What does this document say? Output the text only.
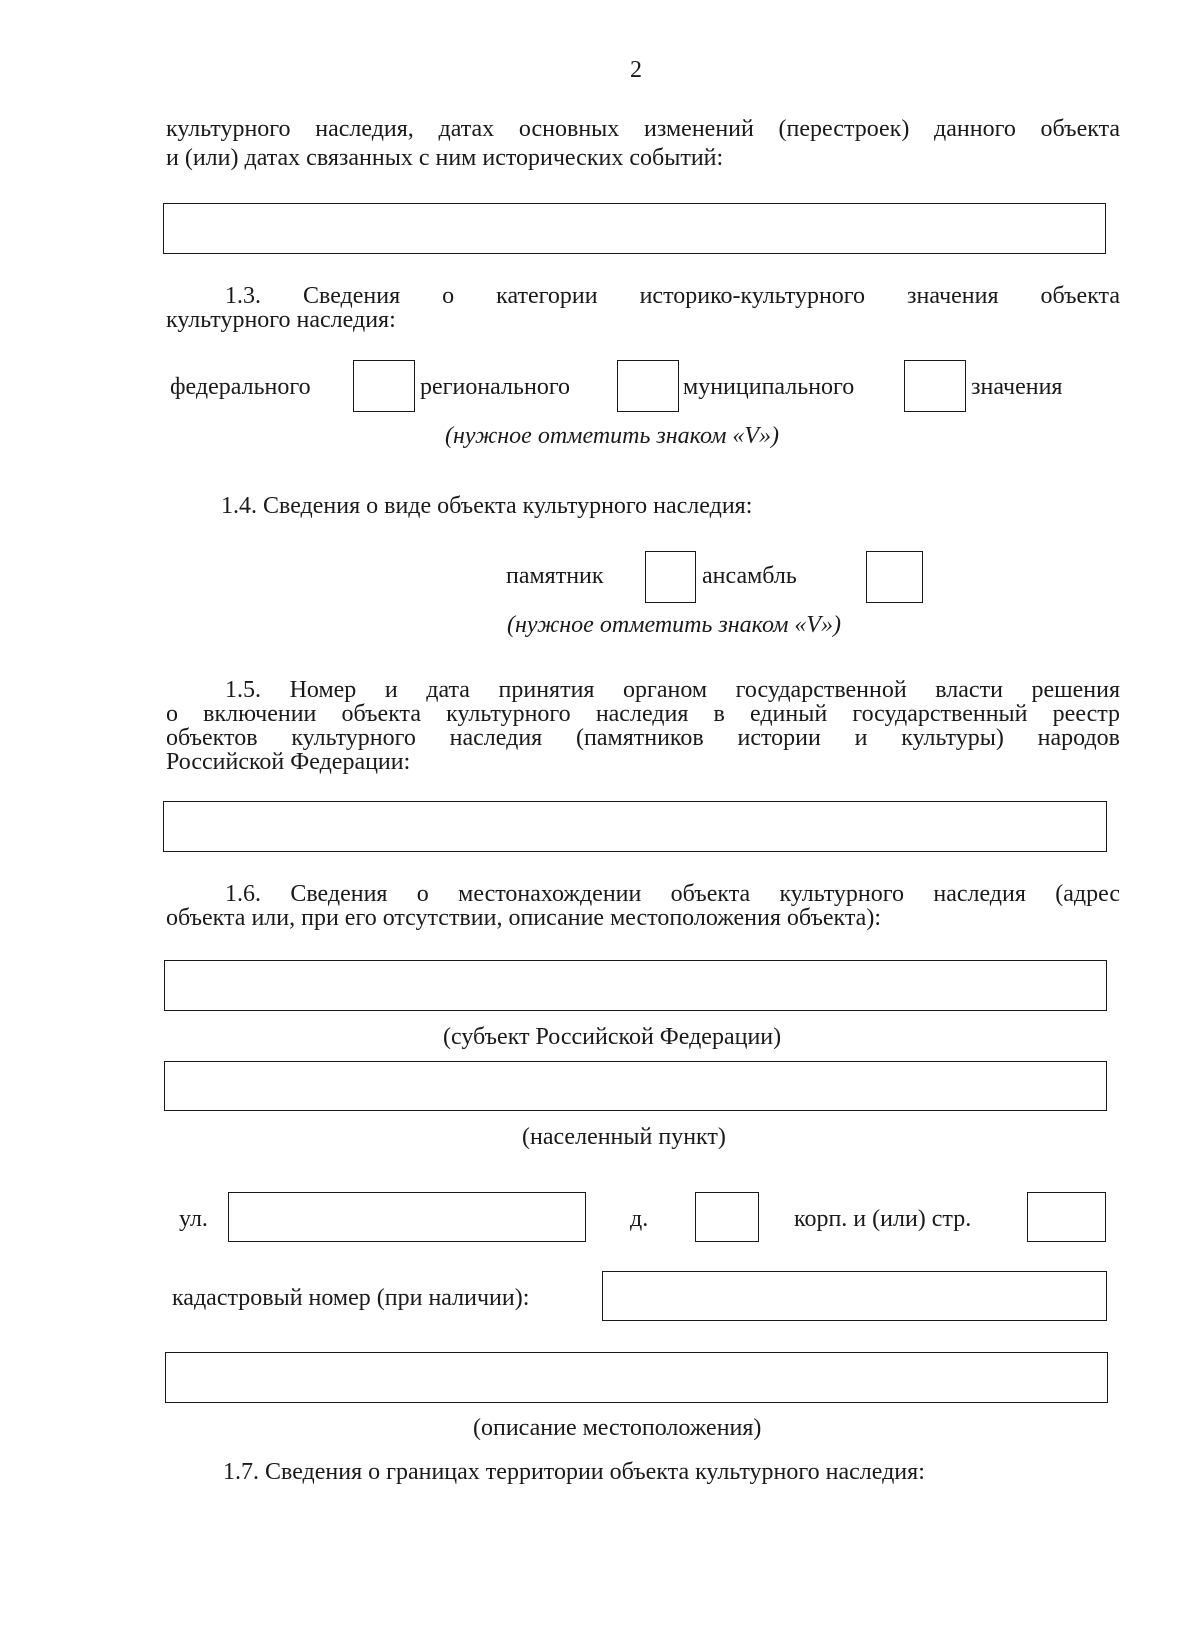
2
культурного наследия, датах основных изменений (перестроек) данного объекта
и (или) датах связанных с ним исторических событий:
1.3. Сведения о категории историко-культурного значения объекта
культурного наследия:
федерального	регионального	муниципального	значения
(нужное отметить знаком «V»)
1.4. Сведения о виде объекта культурного наследия:
памятник	ансамбль
(нужное отметить знаком «V»)
1.5. Номер и дата принятия органом государственной власти решения
о включении объекта культурного наследия в единый государственный реестр
объектов культурного наследия (памятников истории и культуры) народов
Российской Федерации:
1.6. Сведения о местонахождении объекта культурного наследия (адрес
объекта или, при его отсутствии, описание местоположения объекта):
(субъект Российской Федерации)
(населенный пункт)
ул.	д.	корп. и (или) стр.
кадастровый номер (при наличии):
(описание местоположения)
1.7. Сведения о границах территории объекта культурного наследия:
